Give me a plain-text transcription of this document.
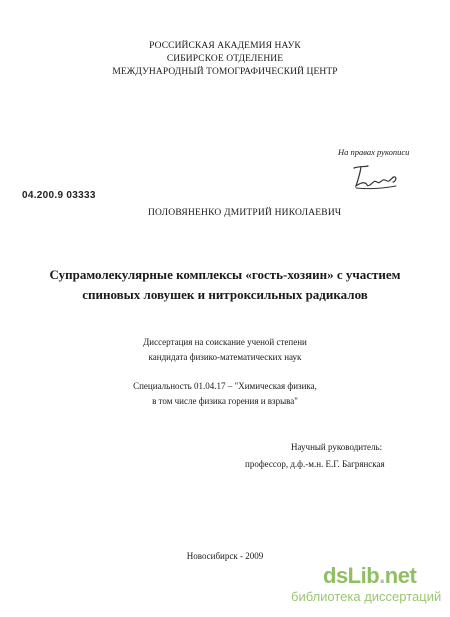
РОССИЙСКАЯ АКАДЕМИЯ НАУК
СИБИРСКОЕ ОТДЕЛЕНИЕ
МЕЖДУНАРОДНЫЙ ТОМОГРАФИЧЕСКИЙ ЦЕНТР
На правах рукописи
04.200.9 03333
ПОЛОВЯНЕНКО ДМИТРИЙ НИКОЛАЕВИЧ
Супрамолекулярные комплексы «гость-хозяин» с участием
спиновых ловушек и нитроксильных радикалов
Диссертация на соискание ученой степени
кандидата физико-математических наук
Специальность 01.04.17 – "Химическая физика,
в том числе физика горения и взрыва"
Научный руководитель:
профессор, д.ф.-м.н. Е.Г. Багрянская
Новосибирск - 2009
dsLib.net
библиотека диссертаций
